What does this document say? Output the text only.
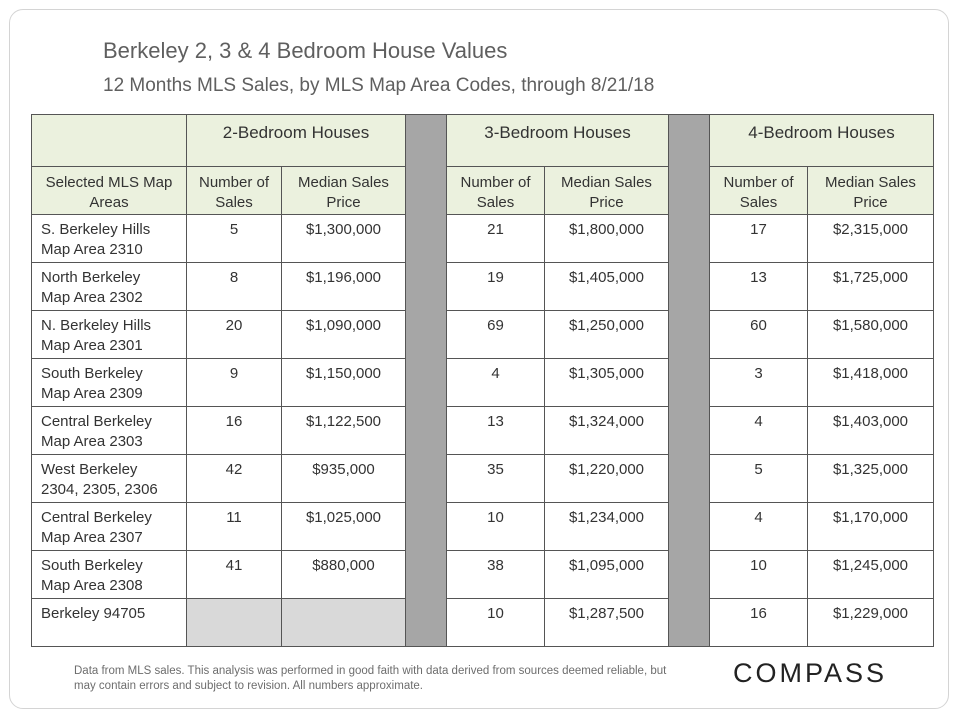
Berkeley 2, 3 & 4 Bedroom House Values
12 Months MLS Sales, by MLS Map Area Codes, through 8/21/18
	2-Bedroom Houses			3-Bedroom Houses			4-Bedroom Houses	
Selected MLS Map Areas	Number of Sales	Median Sales Price		Number of Sales	Median Sales Price		Number of Sales	Median Sales Price

S. Berkeley Hills
Map Area 2310	5	$1,300,000		21	$1,800,000		17	$2,315,000

North Berkeley
Map Area 2302	8	$1,196,000		19	$1,405,000		13	$1,725,000

N. Berkeley Hills
Map Area 2301	20	$1,090,000		69	$1,250,000		60	$1,580,000

South Berkeley
Map Area 2309	9	$1,150,000		4	$1,305,000		3	$1,418,000

Central Berkeley
Map Area 2303	16	$1,122,500		13	$1,324,000		4	$1,403,000

West Berkeley
2304, 2305, 2306	42	$935,000		35	$1,220,000		5	$1,325,000

Central Berkeley
Map Area 2307	11	$1,025,000		10	$1,234,000		4	$1,170,000

South Berkeley
Map Area 2308	41	$880,000		38	$1,095,000		10	$1,245,000

Berkeley 94705				10	$1,287,500		16	$1,229,000
Data from MLS sales. This analysis was performed in good faith with data derived from sources deemed reliable, but may contain errors and subject to revision. All numbers approximate.	COMPASS
